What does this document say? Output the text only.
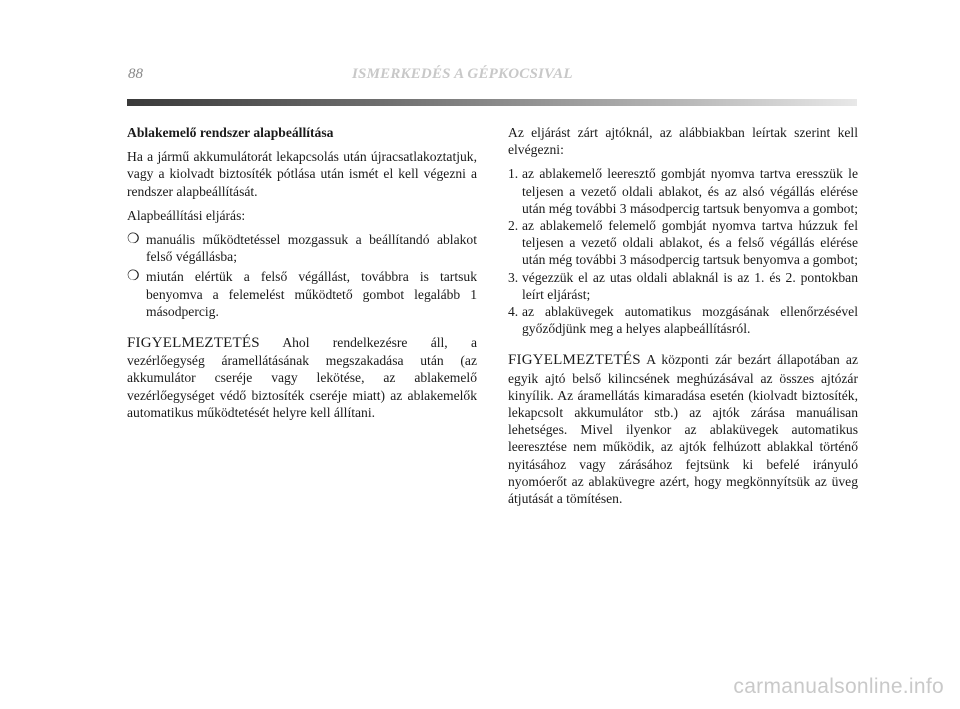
88	ISMERKEDÉS A GÉPKOCSIVAL

Ablakemelő rendszer alapbeállítása

Ha a jármű akkumulátorát lekapcsolás után újracsatlakoztatjuk, vagy a kiolvadt biztosíték pótlása után ismét el kell végezni a rendszer alapbeállítását.

Alapbeállítási eljárás:

❍ manuális működtetéssel mozgassuk a beállítandó ablakot felső végállásba;
❍ miután elértük a felső végállást, továbbra is tartsuk benyomva a felemelést működtető gombot legalább 1 másodpercig.

FIGYELMEZTETÉS Ahol rendelkezésre áll, a vezérlőegység áramellátásának megszakadása után (az akkumulátor cseréje vagy lekötése, az ablakemelő vezérlőegységet védő biztosíték cseréje miatt) az ablakemelők automatikus működtetését helyre kell állítani.

Az eljárást zárt ajtóknál, az alábbiakban leírtak szerint kell elvégezni:

1. az ablakemelő leeresztő gombját nyomva tartva eresszük le teljesen a vezető oldali ablakot, és az alsó végállás elérése után még további 3 másodpercig tartsuk benyomva a gombot;
2. az ablakemelő felemelő gombját nyomva tartva húzzuk fel teljesen a vezető oldali ablakot, és a felső végállás elérése után még további 3 másodpercig tartsuk benyomva a gombot;
3. végezzük el az utas oldali ablaknál is az 1. és 2. pontokban leírt eljárást;
4. az ablaküvegek automatikus mozgásának ellenőrzésével győződjünk meg a helyes alapbeállításról.

FIGYELMEZTETÉS A központi zár bezárt állapotában az egyik ajtó belső kilincsének meghúzásával az összes ajtózár kinyílik. Az áramellátás kimaradása esetén (kiolvadt biztosíték, lekapcsolt akkumulátor stb.) az ajtók zárása manuálisan lehetséges. Mivel ilyenkor az ablaküvegek automatikus leeresztése nem működik, az ajtók felhúzott ablakkal történő nyitásához vagy zárásához fejtsünk ki befelé irányuló nyomóerőt az ablaküvegre azért, hogy megkönnyítsük az üveg átjutását a tömítésen.

carmanualsonline.info
